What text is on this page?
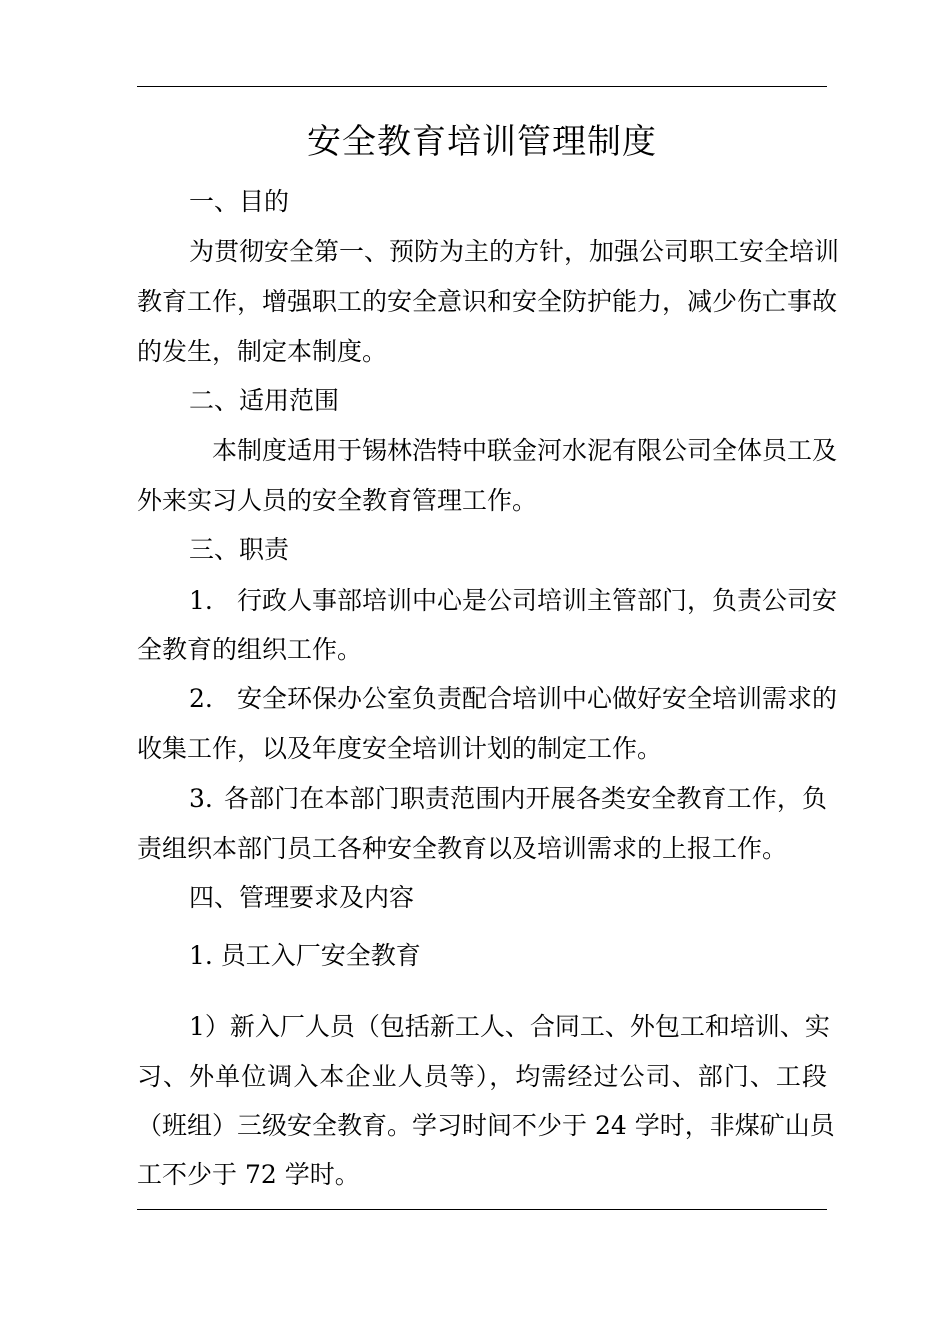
安全教育培训管理制度
一、目的
为贯彻安全第一、预防为主的方针，加强公司职工安全培训
教育工作，增强职工的安全意识和安全防护能力，减少伤亡事故
的发生，制定本制度。
二、适用范围
本制度适用于锡林浩特中联金河水泥有限公司全体员工及
外来实习人员的安全教育管理工作。
三、职责
1. 行政人事部培训中心是公司培训主管部门，负责公司安
全教育的组织工作。
2. 安全环保办公室负责配合培训中心做好安全培训需求的
收集工作，以及年度安全培训计划的制定工作。
3. 各部门在本部门职责范围内开展各类安全教育工作，负
责组织本部门员工各种安全教育以及培训需求的上报工作。
四、管理要求及内容
1. 员工入厂安全教育
1）新入厂人员（包括新工人、合同工、外包工和培训、实
习、外单位调入本企业人员等），均需经过公司、部门、工段
（班组）三级安全教育。学习时间不少于 24 学时，非煤矿山员
工不少于 72 学时。
